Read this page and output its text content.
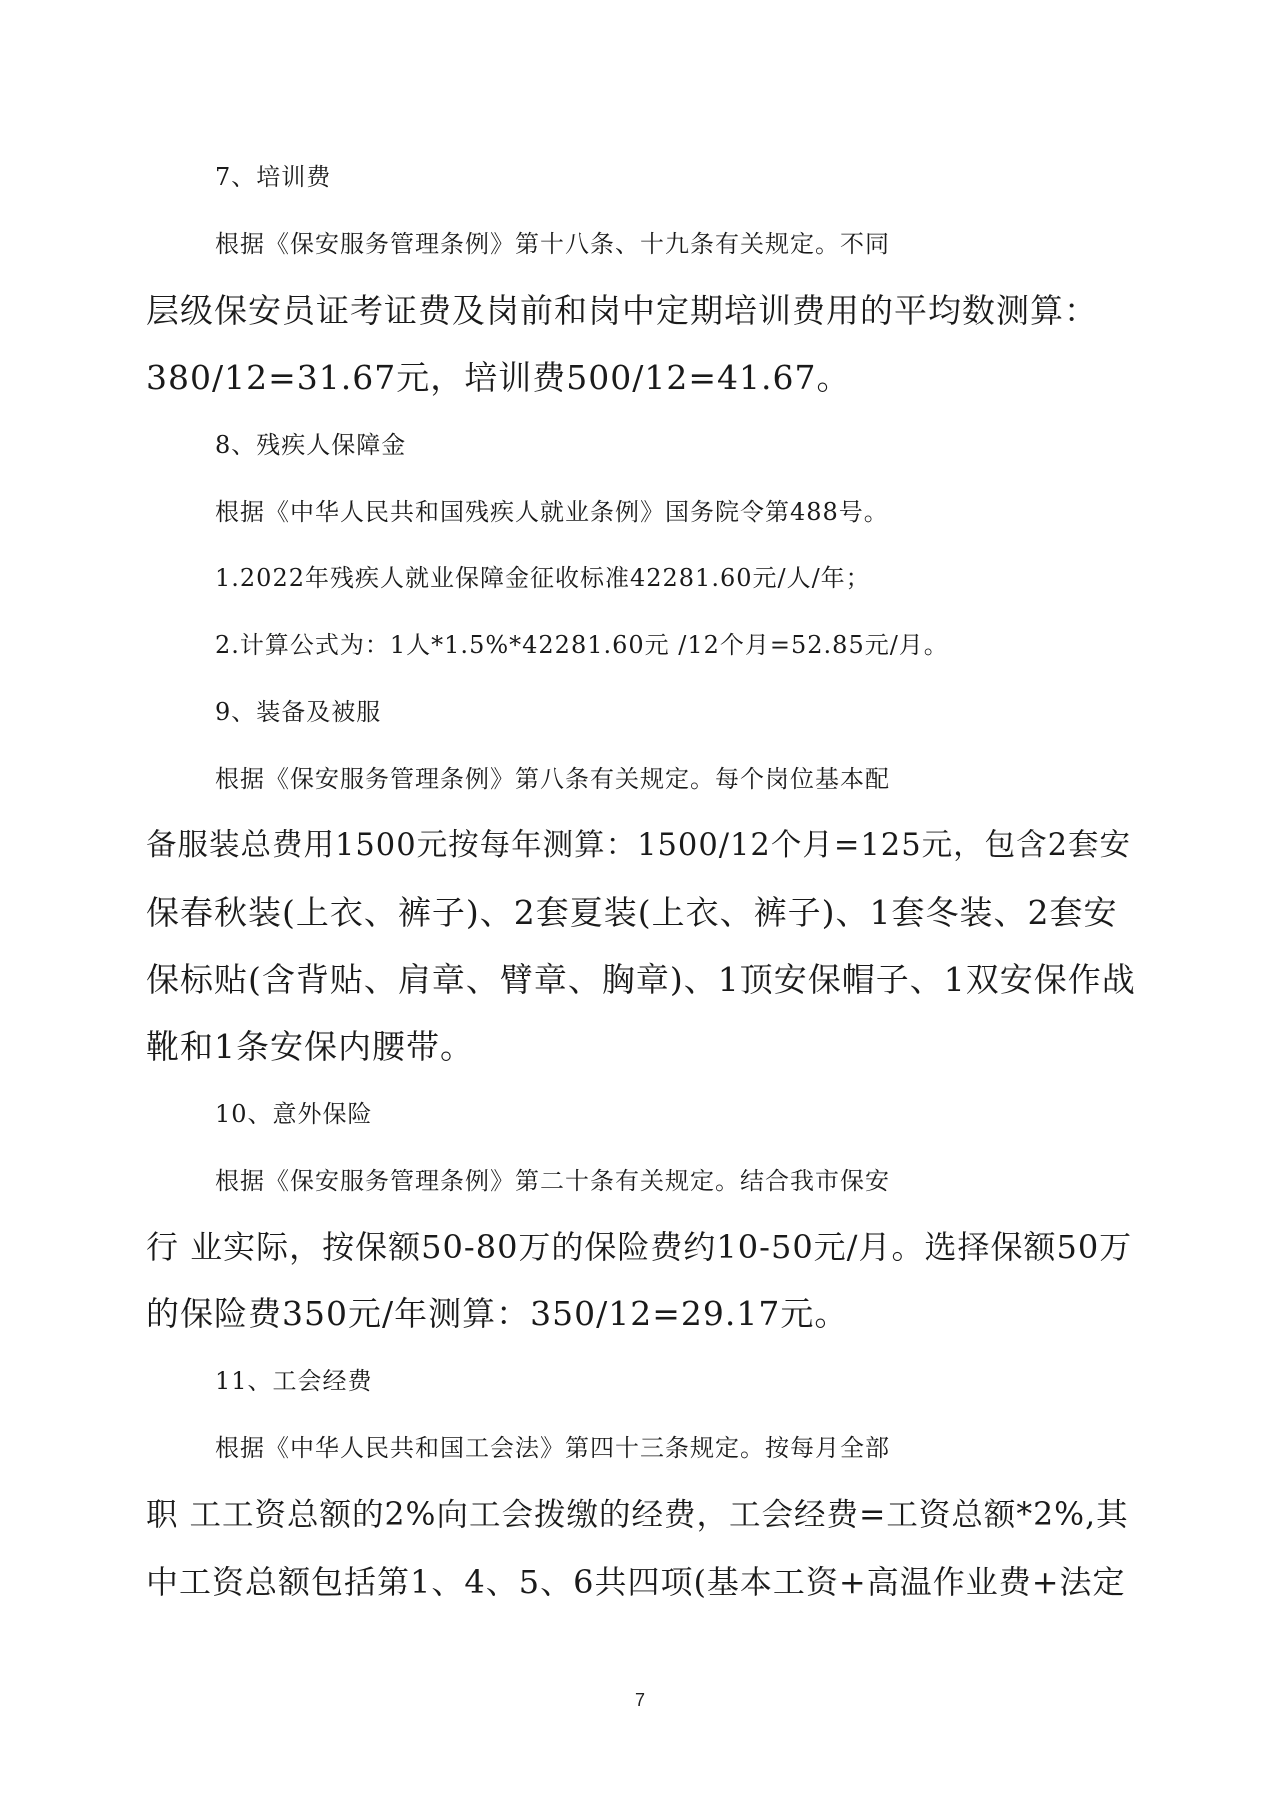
7、培训费
根据《保安服务管理条例》第十八条、十九条有关规定。不同
层级保安员证考证费及岗前和岗中定期培训费用的平均数测算：
380/12=31.67元，培训费500/12=41.67。
8、残疾人保障金
根据《中华人民共和国残疾人就业条例》国务院令第488号。
1.2022年残疾人就业保障金征收标准42281.60元/人/年；
2.计算公式为：1人*1.5%*42281.60元 /12个月=52.85元/月。
9、装备及被服
根据《保安服务管理条例》第八条有关规定。每个岗位基本配
备服装总费用1500元按每年测算：1500/12个月=125元，包含2套安
保春秋装(上衣、裤子)、2套夏装(上衣、裤子)、1套冬装、2套安
保标贴(含背贴、肩章、臂章、胸章)、1顶安保帽子、1双安保作战
靴和1条安保内腰带。
10、意外保险
根据《保安服务管理条例》第二十条有关规定。结合我市保安
行 业实际，按保额50-80万的保险费约10-50元/月。选择保额50万
的保险费350元/年测算：350/12=29.17元。
11、工会经费
根据《中华人民共和国工会法》第四十三条规定。按每月全部
职 工工资总额的2%向工会拨缴的经费，工会经费=工资总额*2%,其
中工资总额包括第1、4、5、6共四项(基本工资+高温作业费+法定
7
